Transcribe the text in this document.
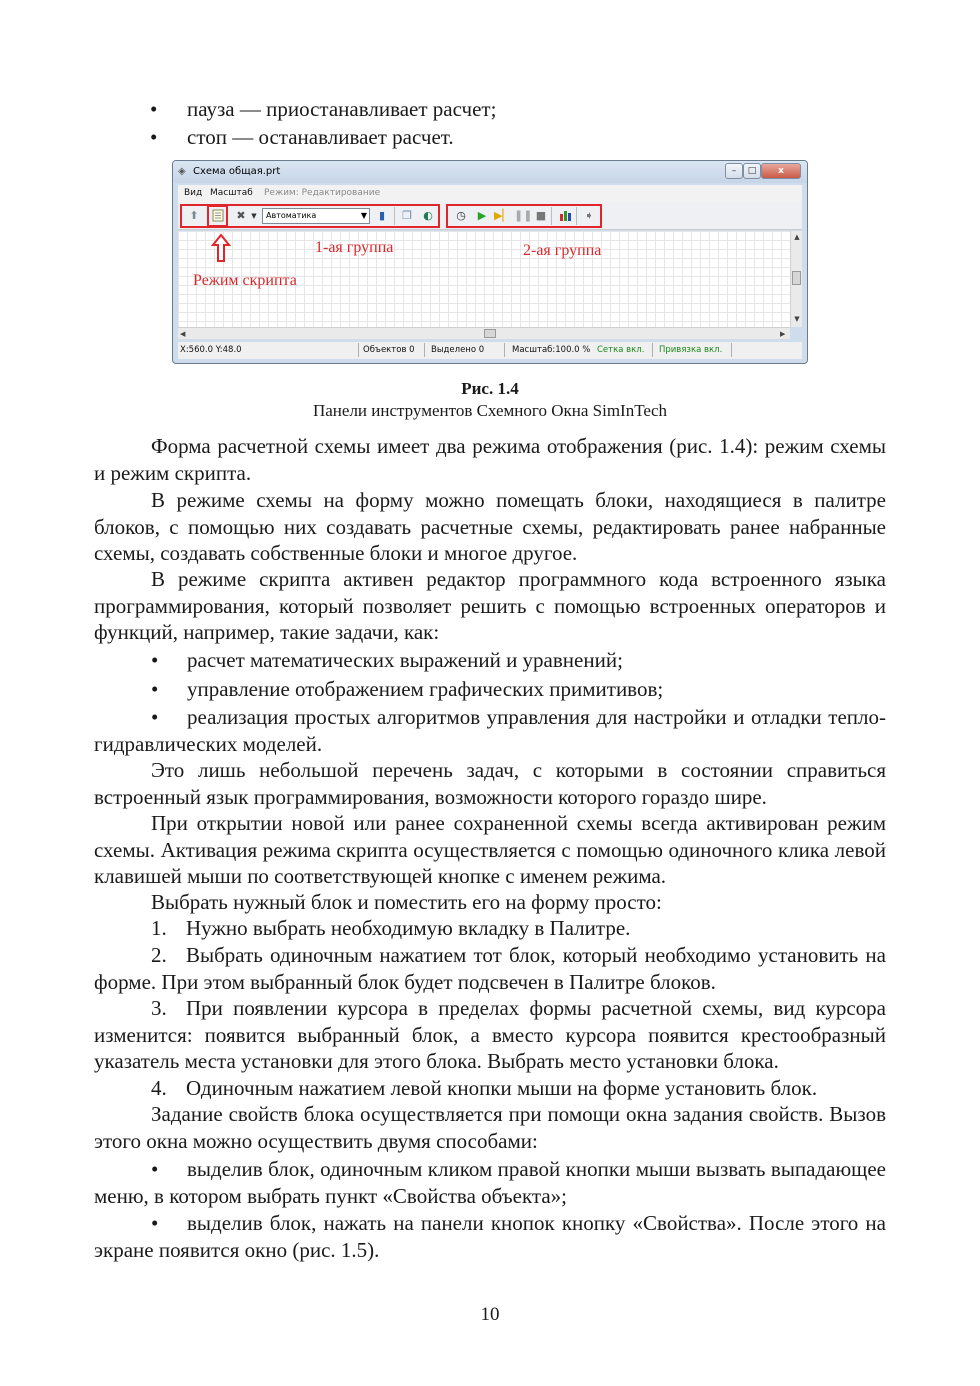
• пауза — приостанавливает расчет;
• стоп — останавливает расчет.
◈ Схема общая.prt	–	□	x
Вид Масштаб Режим: Редактирование
⬆	✖ ▼	Автоматика	▼	▮	❐ ◐ ◷ ▶ ▶▏ ❚❚ ■	➧
▲
▼
◀	▶
X:560.0 Y:48.0	Объектов 0 Выделено 0	Масштаб:100.0 % Сетка вкл. Привязка вкл.
Режим скрипта
1-ая группа	2-ая группа
Рис. 1.4
Панели инструментов Схемного Окна SimInTech

Форма расчетной схемы имеет два режима отображения (рис. 1.4): режим схемы и режим скрипта.

В режиме схемы на форму можно помещать блоки, находящиеся в палитре блоков, с помощью них создавать расчетные схемы, редактировать ранее набранные схемы, создавать собственные блоки и многое другое.

В режиме скрипта активен редактор программного кода встроенного языка программирования, который позволяет решить с помощью встроенных операторов и функций, например, такие задачи, как:

• расчет математических выражений и уравнений;

• управление отображением графических примитивов;

• реализация простых алгоритмов управления для настройки и отладки тепло-гидравлических моделей.

Это лишь небольшой перечень задач, с которыми в состоянии справиться встроенный язык программирования, возможности которого гораздо шире.

При открытии новой или ранее сохраненной схемы всегда активирован режим схемы. Активация режима скрипта осуществляется с помощью одиночного клика левой клавишей мыши по соответствующей кнопке с именем режима.

Выбрать нужный блок и поместить его на форму просто:

1. Нужно выбрать необходимую вкладку в Палитре.

2. Выбрать одиночным нажатием тот блок, который необходимо установить на форме. При этом выбранный блок будет подсвечен в Палитре блоков.

3. При появлении курсора в пределах формы расчетной схемы, вид курсора изменится: появится выбранный блок, а вместо курсора появится крестообразный указатель места установки для этого блока. Выбрать место установки блока.

4. Одиночным нажатием левой кнопки мыши на форме установить блок.

Задание свойств блока осуществляется при помощи окна задания свойств. Вызов этого окна можно осуществить двумя способами:

• выделив блок, одиночным кликом правой кнопки мыши вызвать выпадающее меню, в котором выбрать пункт «Свойства объекта»;

• выделив блок, нажать на панели кнопок кнопку «Свойства». После этого на экране появится окно (рис. 1.5).

10
